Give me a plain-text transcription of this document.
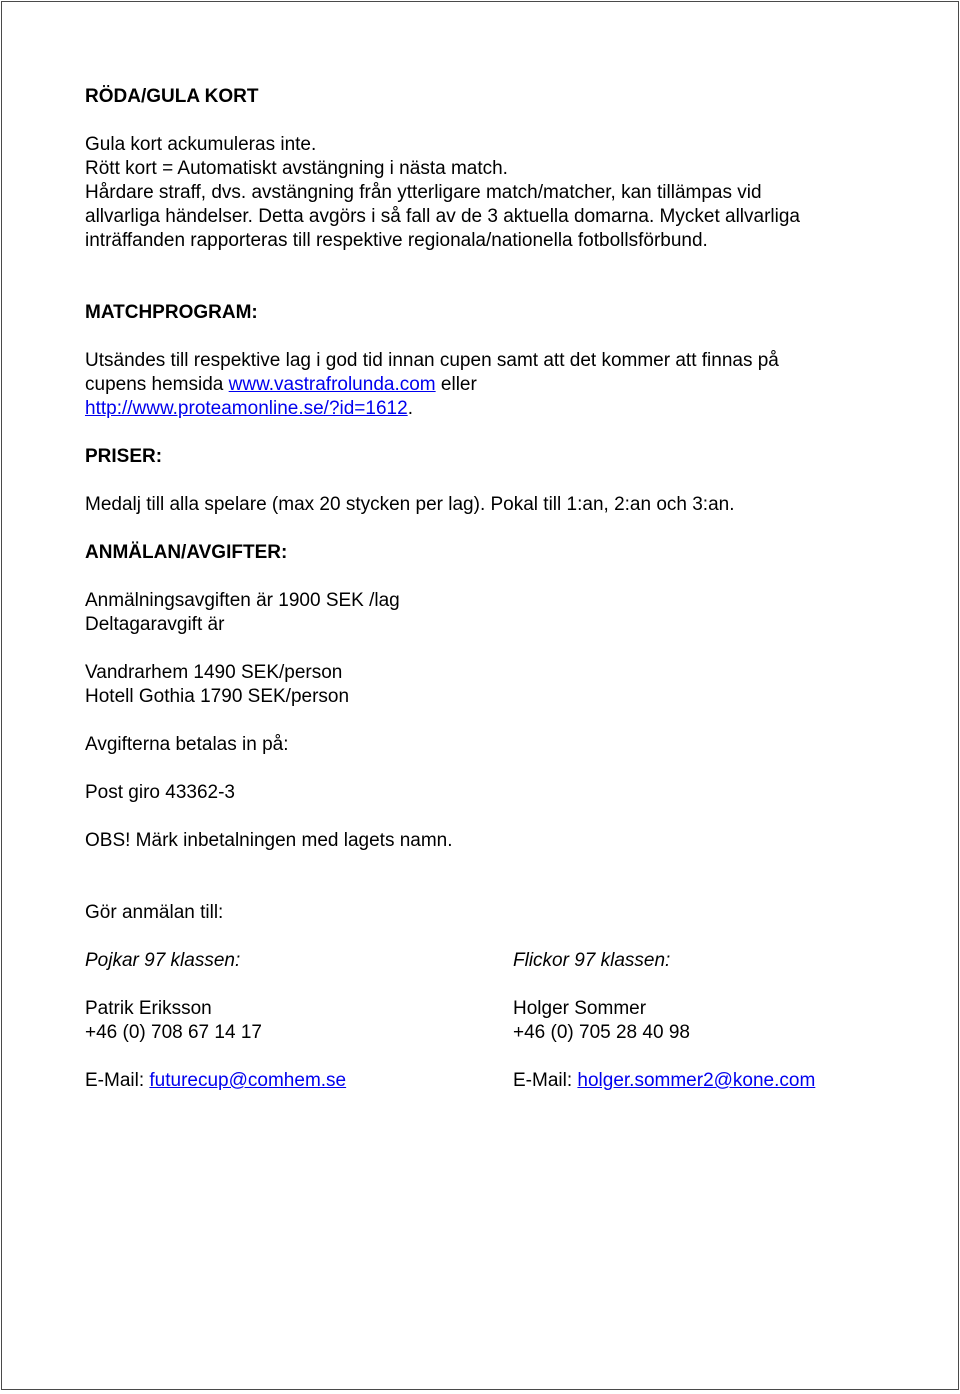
RÖDA/GULA KORT

Gula kort ackumuleras inte.

Rött kort = Automatiskt avstängning i nästa match.

Hårdare straff, dvs. avstängning från ytterligare match/matcher, kan tillämpas vid

allvarliga händelser. Detta avgörs i så fall av de 3 aktuella domarna. Mycket allvarliga

inträffanden rapporteras till respektive regionala/nationella fotbollsförbund.

MATCHPROGRAM:

Utsändes till respektive lag i god tid innan cupen samt att det kommer att finnas på

cupens hemsida www.vastrafrolunda.com eller

http://www.proteamonline.se/?id=1612.

PRISER:

Medalj till alla spelare (max 20 stycken per lag). Pokal till 1:an, 2:an och 3:an.

ANMÄLAN/AVGIFTER:

Anmälningsavgiften är 1900 SEK /lag

Deltagaravgift är

Vandrarhem 1490 SEK/person

Hotell Gothia 1790 SEK/person

Avgifterna betalas in på:

Post giro 43362-3

OBS! Märk inbetalningen med lagets namn.

Gör anmälan till:

Pojkar 97 klassen:

Patrik Eriksson

+46 (0) 708 67 14 17

E-Mail: futurecup@comhem.se

Flickor 97 klassen:

Holger Sommer

+46 (0) 705 28 40 98

E-Mail: holger.sommer2@kone.com
